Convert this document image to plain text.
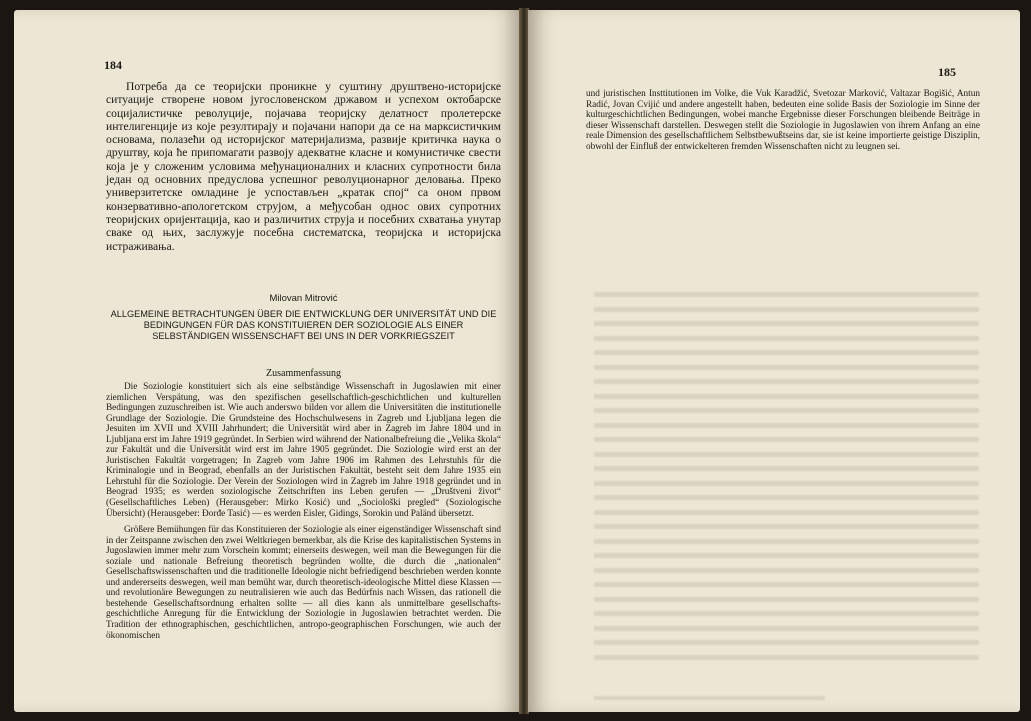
184

Потреба да се теоријски проникне у суштину друштвено-историјске ситуације створене новом југословенском државом и успехом октобарске социјалистичке револуције, појачава теоријску делатност пролетерске интелигенције из које резултирају и појачани напори да се на марксистичким основама, полазећи од историјског материјализма, развије критичка наука о друштву, која ће припомагати развоју адекватне класне и комунистичке свести која је у сложеним условима међунационалних и класних супротности била један од основних предуслова успешног револуционарног деловања. Преко универзитетске омладине је успостављен „кратак спој“ са оном првом конзервативно-апологетском струјом, а међусобан однос ових супротних теоријских оријентација, као и различитих струја и посебних схватања унутар сваке од њих, заслужује посебна систематска, теоријска и историјска истраживања.

Milovan Mitrović
ALLGEMEINE BETRACHTUNGEN ÜBER DIE ENTWICKLUNG DER UNIVERSITÄT UND DIE BEDINGUNGEN FÜR DAS KONSTITUIEREN DER SOZIOLOGIE ALS EINER SELBSTÄNDIGEN WISSENSCHAFT BEI UNS IN DER VORKRIEGSZEIT
Zusammenfassung

Die Soziologie konstituiert sich als eine selbständige Wissenschaft in Jugoslawien mit einer ziemlichen Verspätung, was den spezifischen gesellschaftlich-geschichtlichen und kulturellen Bedingungen zuzuschreiben ist. Wie auch anderswo bilden vor allem die Universitäten die institutionelle Grundlage der Soziologie. Die Grundsteine des Hochschulwesens in Zagreb und Ljubljana legen die Jesuiten im XVII und XVIII Jahrhundert; die Universität wird aber in Zagreb im Jahre 1804 und in Ljubljana erst im Jahre 1919 gegründet. In Serbien wird während der Nationalbefreiung die „Velika škola“ zur Fakultät und die Universität wird erst im Jahre 1905 gegründet. Die Soziologie wird erst an der Juristischen Fakultät vorgetragen; In Zagreb vom Jahre 1906 im Rahmen des Lehrstuhls für die Kriminalogie und in Beograd, ebenfalls an der Juristischen Fakultät, besteht seit dem Jahre 1935 ein Lehrstuhl für die Soziologie. Der Verein der Soziologen wird in Zagreb im Jahre 1918 gegründet und in Beograd 1935; es werden soziologische Zeitschriften ins Leben gerufen — „Društveni život“ (Gesellschaftliches Leben) (Herausgeber: Mirko Kosić) und „Sociološki pregled“ (Soziologische Übersicht) (Herausgeber: Đorđe Tasić) — es werden Eisler, Gidings, Sorokin und Paländ übersetzt.

Größere Bemühungen für das Konstituieren der Soziologie als einer eigenständiger Wissenschaft sind in der Zeitspanne zwischen den zwei Weltkriegen bemerkbar, als die Krise des kapitalistischen Systems in Jugoslawien immer mehr zum Vorschein kommt; einerseits deswegen, weil man die Bewegungen für die soziale und nationale Befreiung theoretisch begründen wollte, die durch die „nationalen“ Gesellschaftswissenschaften und die traditionelle Ideologie nicht befriedigend beschrieben werden konnte und andererseits deswegen, weil man bemüht war, durch theoretisch-ideologische Mittel diese Klassen — und revolutionäre Bewegungen zu neutralisieren wie auch das Bedürfnis nach Wissen, das rationell die bestehende Gesellschaftsordnung erhalten sollte — all dies kann als unmittelbare gesellschafts-geschichtliche Anregung für die Entwicklung der Soziologie in Jugoslawien betrachtet werden. Die Tradition der ethnographischen, geschichtlichen, antropo-geographischen Forschungen, wie auch der ökonomischen

185

und juristischen Insttitutionen im Volke, die Vuk Karadžić, Svetozar Marković, Valtazar Bogišić, Antun Radić, Jovan Cvijić und andere angestellt haben, bedeuten eine solide Basis der Soziologie im Sinne der kulturgeschichtlichen Bedingungen, wobei manche Ergebnisse dieser Forschungen bleibende Beiträge in dieser Wissenschaft darstellen. Deswegen stellt die Soziologie in Jugoslawien von ihrem Anfang an eine reale Dimension des gesellschaftlichem Selbstbewußtseins dar, sie ist keine importierte geistige Disziplin, obwohl der Einfluß der entwickelteren fremden Wissenschaften nicht zu leugnen sei.
